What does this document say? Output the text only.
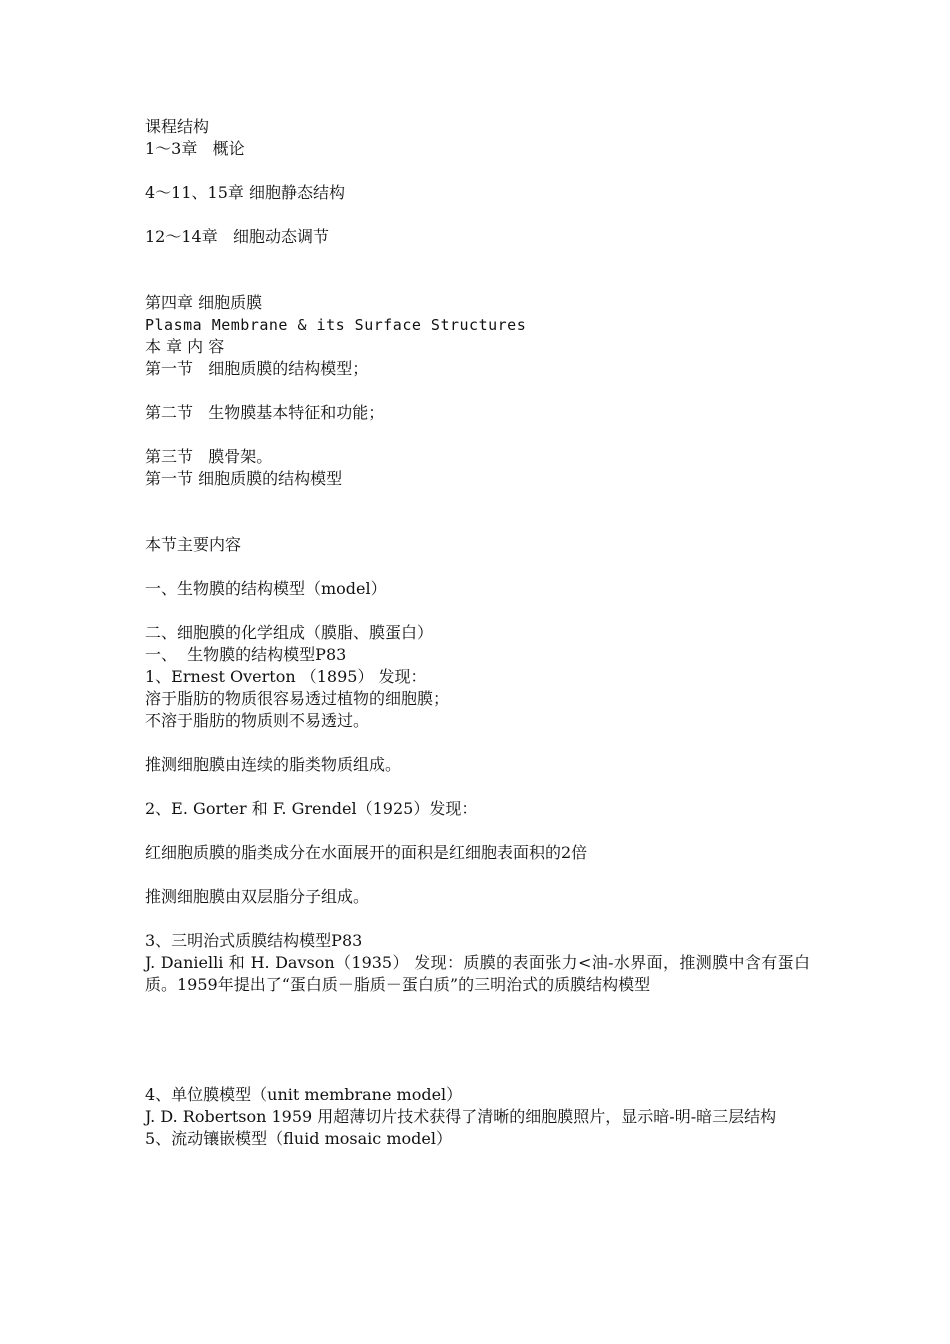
课程结构

1～3章   概论

4～11、15章 细胞静态结构

12～14章   细胞动态调节

第四章 细胞质膜

Plasma Membrane & its Surface Structures

本 章 内 容

第一节   细胞质膜的结构模型；

第二节   生物膜基本特征和功能；

第三节   膜骨架。

第一节 细胞质膜的结构模型

本节主要内容

一、生物膜的结构模型（model）

二、细胞膜的化学组成（膜脂、膜蛋白）

一、  生物膜的结构模型P83

1、Ernest Overton （1895） 发现：

溶于脂肪的物质很容易透过植物的细胞膜；

不溶于脂肪的物质则不易透过。

推测细胞膜由连续的脂类物质组成。

2、E. Gorter 和 F. Grendel（1925）发现：

红细胞质膜的脂类成分在水面展开的面积是红细胞表面积的2倍

推测细胞膜由双层脂分子组成。

3、三明治式质膜结构模型P83

J. Danielli 和 H. Davson（1935） 发现：质膜的表面张力<油-水界面，推测膜中含有蛋白质。1959年提出了“蛋白质－脂质－蛋白质”的三明治式的质膜结构模型

4、单位膜模型（unit membrane model）

J. D. Robertson 1959 用超薄切片技术获得了清晰的细胞膜照片，显示暗-明-暗三层结构

5、流动镶嵌模型（fluid mosaic model）
